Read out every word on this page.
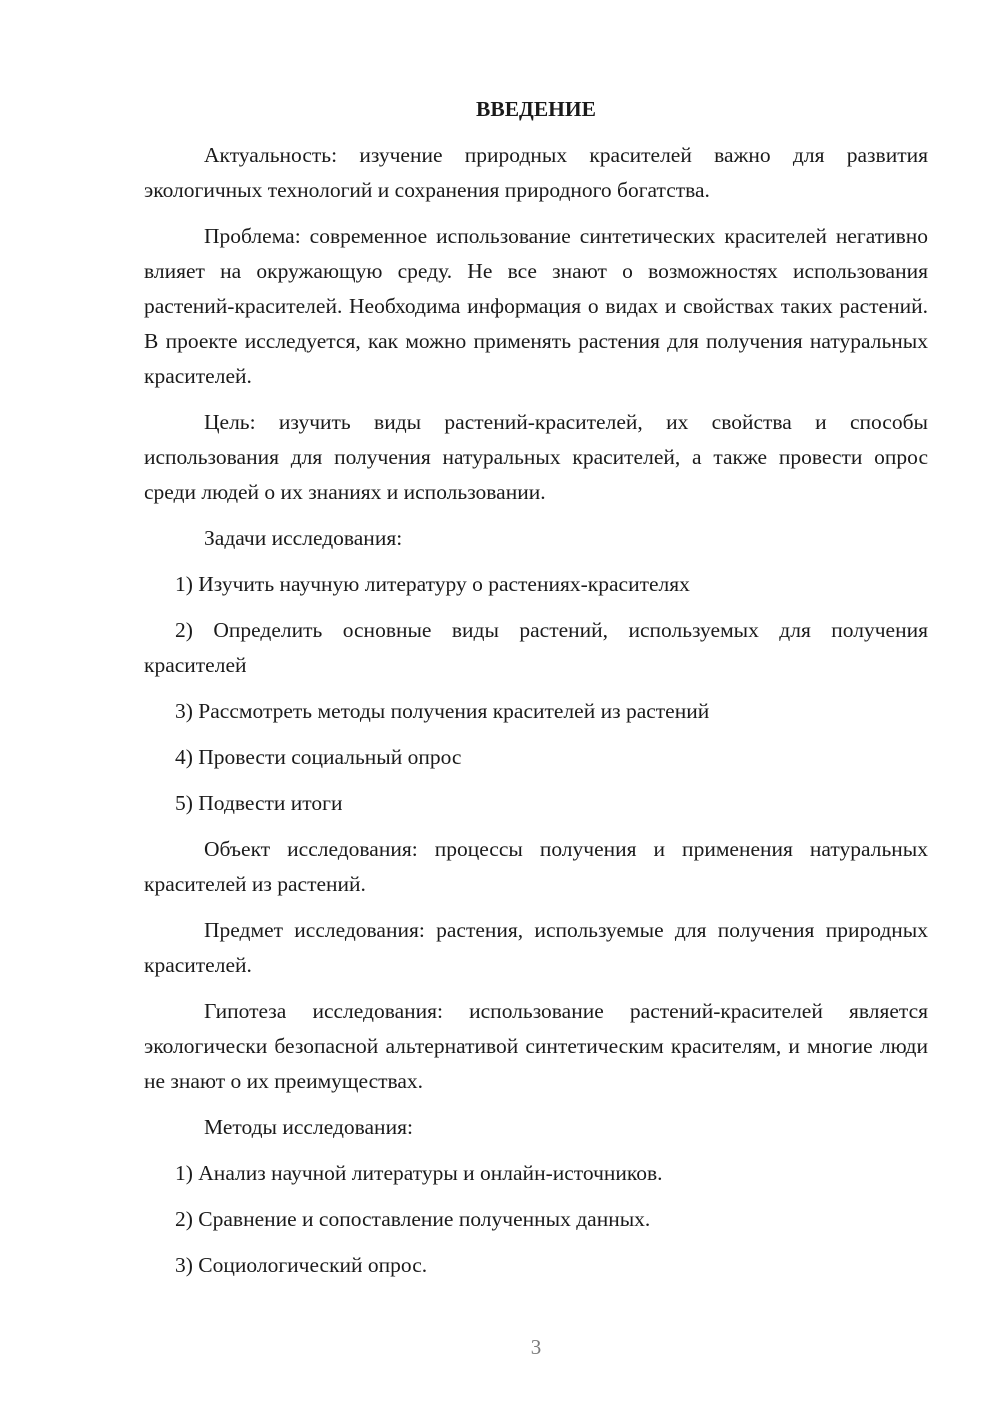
ВВЕДЕНИЕ

Актуальность: изучение природных красителей важно для развития экологичных технологий и сохранения природного богатства.

Проблема: современное использование синтетических красителей негативно влияет на окружающую среду. Не все знают о возможностях использования растений-красителей. Необходима информация о видах и свойствах таких растений. В проекте исследуется, как можно применять растения для получения натуральных красителей.

Цель: изучить виды растений-красителей, их свойства и способы использования для получения натуральных красителей, а также провести опрос среди людей о их знаниях и использовании.

Задачи исследования:

1) Изучить научную литературу о растениях-красителях

2) Определить основные виды растений, используемых для получения красителей

3) Рассмотреть методы получения красителей из растений

4) Провести социальный опрос

5) Подвести итоги

Объект исследования: процессы получения и применения натуральных красителей из растений.

Предмет исследования: растения, используемые для получения природных красителей.

Гипотеза исследования: использование растений-красителей является экологически безопасной альтернативой синтетическим красителям, и многие люди не знают о их преимуществах.

Методы исследования:

1) Анализ научной литературы и онлайн-источников.

2) Сравнение и сопоставление полученных данных.

3) Социологический опрос.

3
